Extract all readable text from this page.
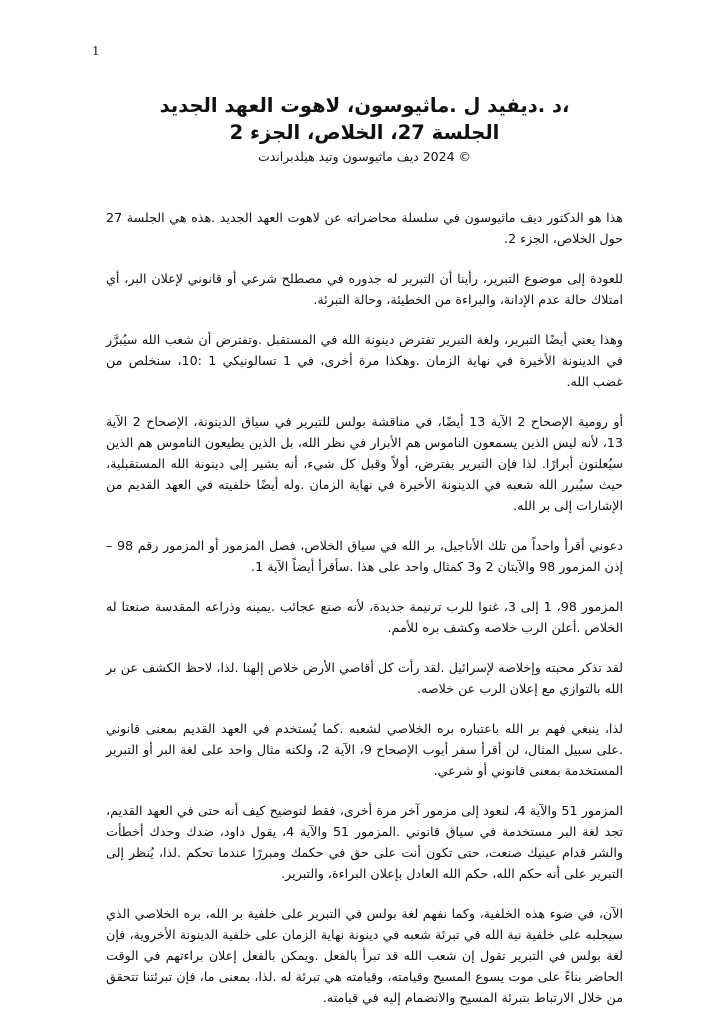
1
،د .ديفيد ل .ماثيوسون، لاهوت العهد الجديد
الجلسة 27، الخلاص، الجزء 2
© 2024 ديف ماثيوسون وتيد هيلدبراندت

هذا هو الدكتور ديف ماثيوسون في سلسلة محاضراته عن لاهوت العهد الجديد .هذه هي الجلسة 27 حول الخلاص، الجزء 2.

للعودة إلى موضوع التبرير، رأينا أن التبرير له جذوره في مصطلح شرعي أو قانوني لإعلان البر، أي امتلاك حالة عدم الإدانة، والبراءة من الخطيئة، وحالة التبرئة.

وهذا يعني أيضًا التبرير، ولغة التبرير تفترض دينونة الله في المستقبل .وتفترض أن شعب الله سيُبرَّر في الدينونة الأخيرة في نهاية الزمان .وهكذا مرة أخرى، في 1 تسالونيكي 1 :10، سنخلص من غضب الله.

أو رومية الإصحاح 2 الآية 13 أيضًا، في مناقشة بولس للتبرير في سياق الدينونة، الإصحاح 2 الآية 13، لأنه ليس الذين يسمعون الناموس هم الأبرار في نظر الله، بل الذين يطيعون الناموس هم الذين سيُعلنون أبرارًا. لذا فإن التبرير يفترض، أولاً وقبل كل شيء، أنه يشير إلى دينونة الله المستقبلية، حيث سيُبرر الله شعبه في الدينونة الأخيرة في نهاية الزمان .وله أيضًا خلفيته في العهد القديم من الإشارات إلى بر الله.

دعوني أقرأ واحداً من تلك الأناجيل، بر الله في سياق الخلاص، فصل المزمور أو المزمور رقم 98 – إذن المزمور 98 والآيتان 2 و3 كمثال واحد على هذا .سأقرأ أيضاً الآية 1.

المزمور 98، 1 إلى 3، غنوا للرب ترنيمة جديدة، لأنه صنع عجائب .يمينه وذراعه المقدسة صنعتا له الخلاص .أعلن الرب خلاصه وكشف بره للأمم.

لقد تذكر محبته وإخلاصه لإسرائيل .لقد رأت كل أقاصي الأرض خلاص إلهنا .لذا، لاحظ الكشف عن بر الله بالتوازي مع إعلان الرب عن خلاصه.

لذا، ينبغي فهم بر الله باعتباره بره الخلاصي لشعبه .كما يُستخدم في العهد القديم بمعنى قانوني .على سبيل المثال، لن أقرأ سفر أيوب الإصحاح 9، الآية 2، ولكنه مثال واحد على لغة البر أو التبرير المستخدمة بمعنى قانوني أو شرعي.

المزمور 51 والآية 4، لنعود إلى مزمور آخر مرة أخرى، فقط لتوضيح كيف أنه حتى في العهد القديم، تجد لغة البر مستخدمة في سياق قانوني .المزمور 51 والآية 4، يقول داود، ضدك وحدك أخطأت والشر قدام عينيك صنعت، حتى تكون أنت على حق في حكمك ومبررًا عندما تحكم .لذا، يُنظر إلى التبرير على أنه حكم الله، حكم الله العادل بإعلان البراءة، والتبرير.

الآن، في ضوء هذه الخلفية، وكما نفهم لغة بولس في التبرير على خلفية بر الله، بره الخلاصي الذي سيجلبه على خلفية نية الله في تبرئة شعبه في دينونة نهاية الزمان على خلفية الدينونة الأخروية، فإن لغة بولس في التبرير تقول إن شعب الله قد تبرأ بالفعل .ويمكن بالفعل إعلان براءتهم في الوقت الحاضر بناءً على موت يسوع المسيح وقيامته، وقيامته هي تبرئة له .لذا، بمعنى ما، فإن تبرئتنا تتحقق من خلال الارتباط بتبرئة المسيح والانضمام إليه في قيامته.
